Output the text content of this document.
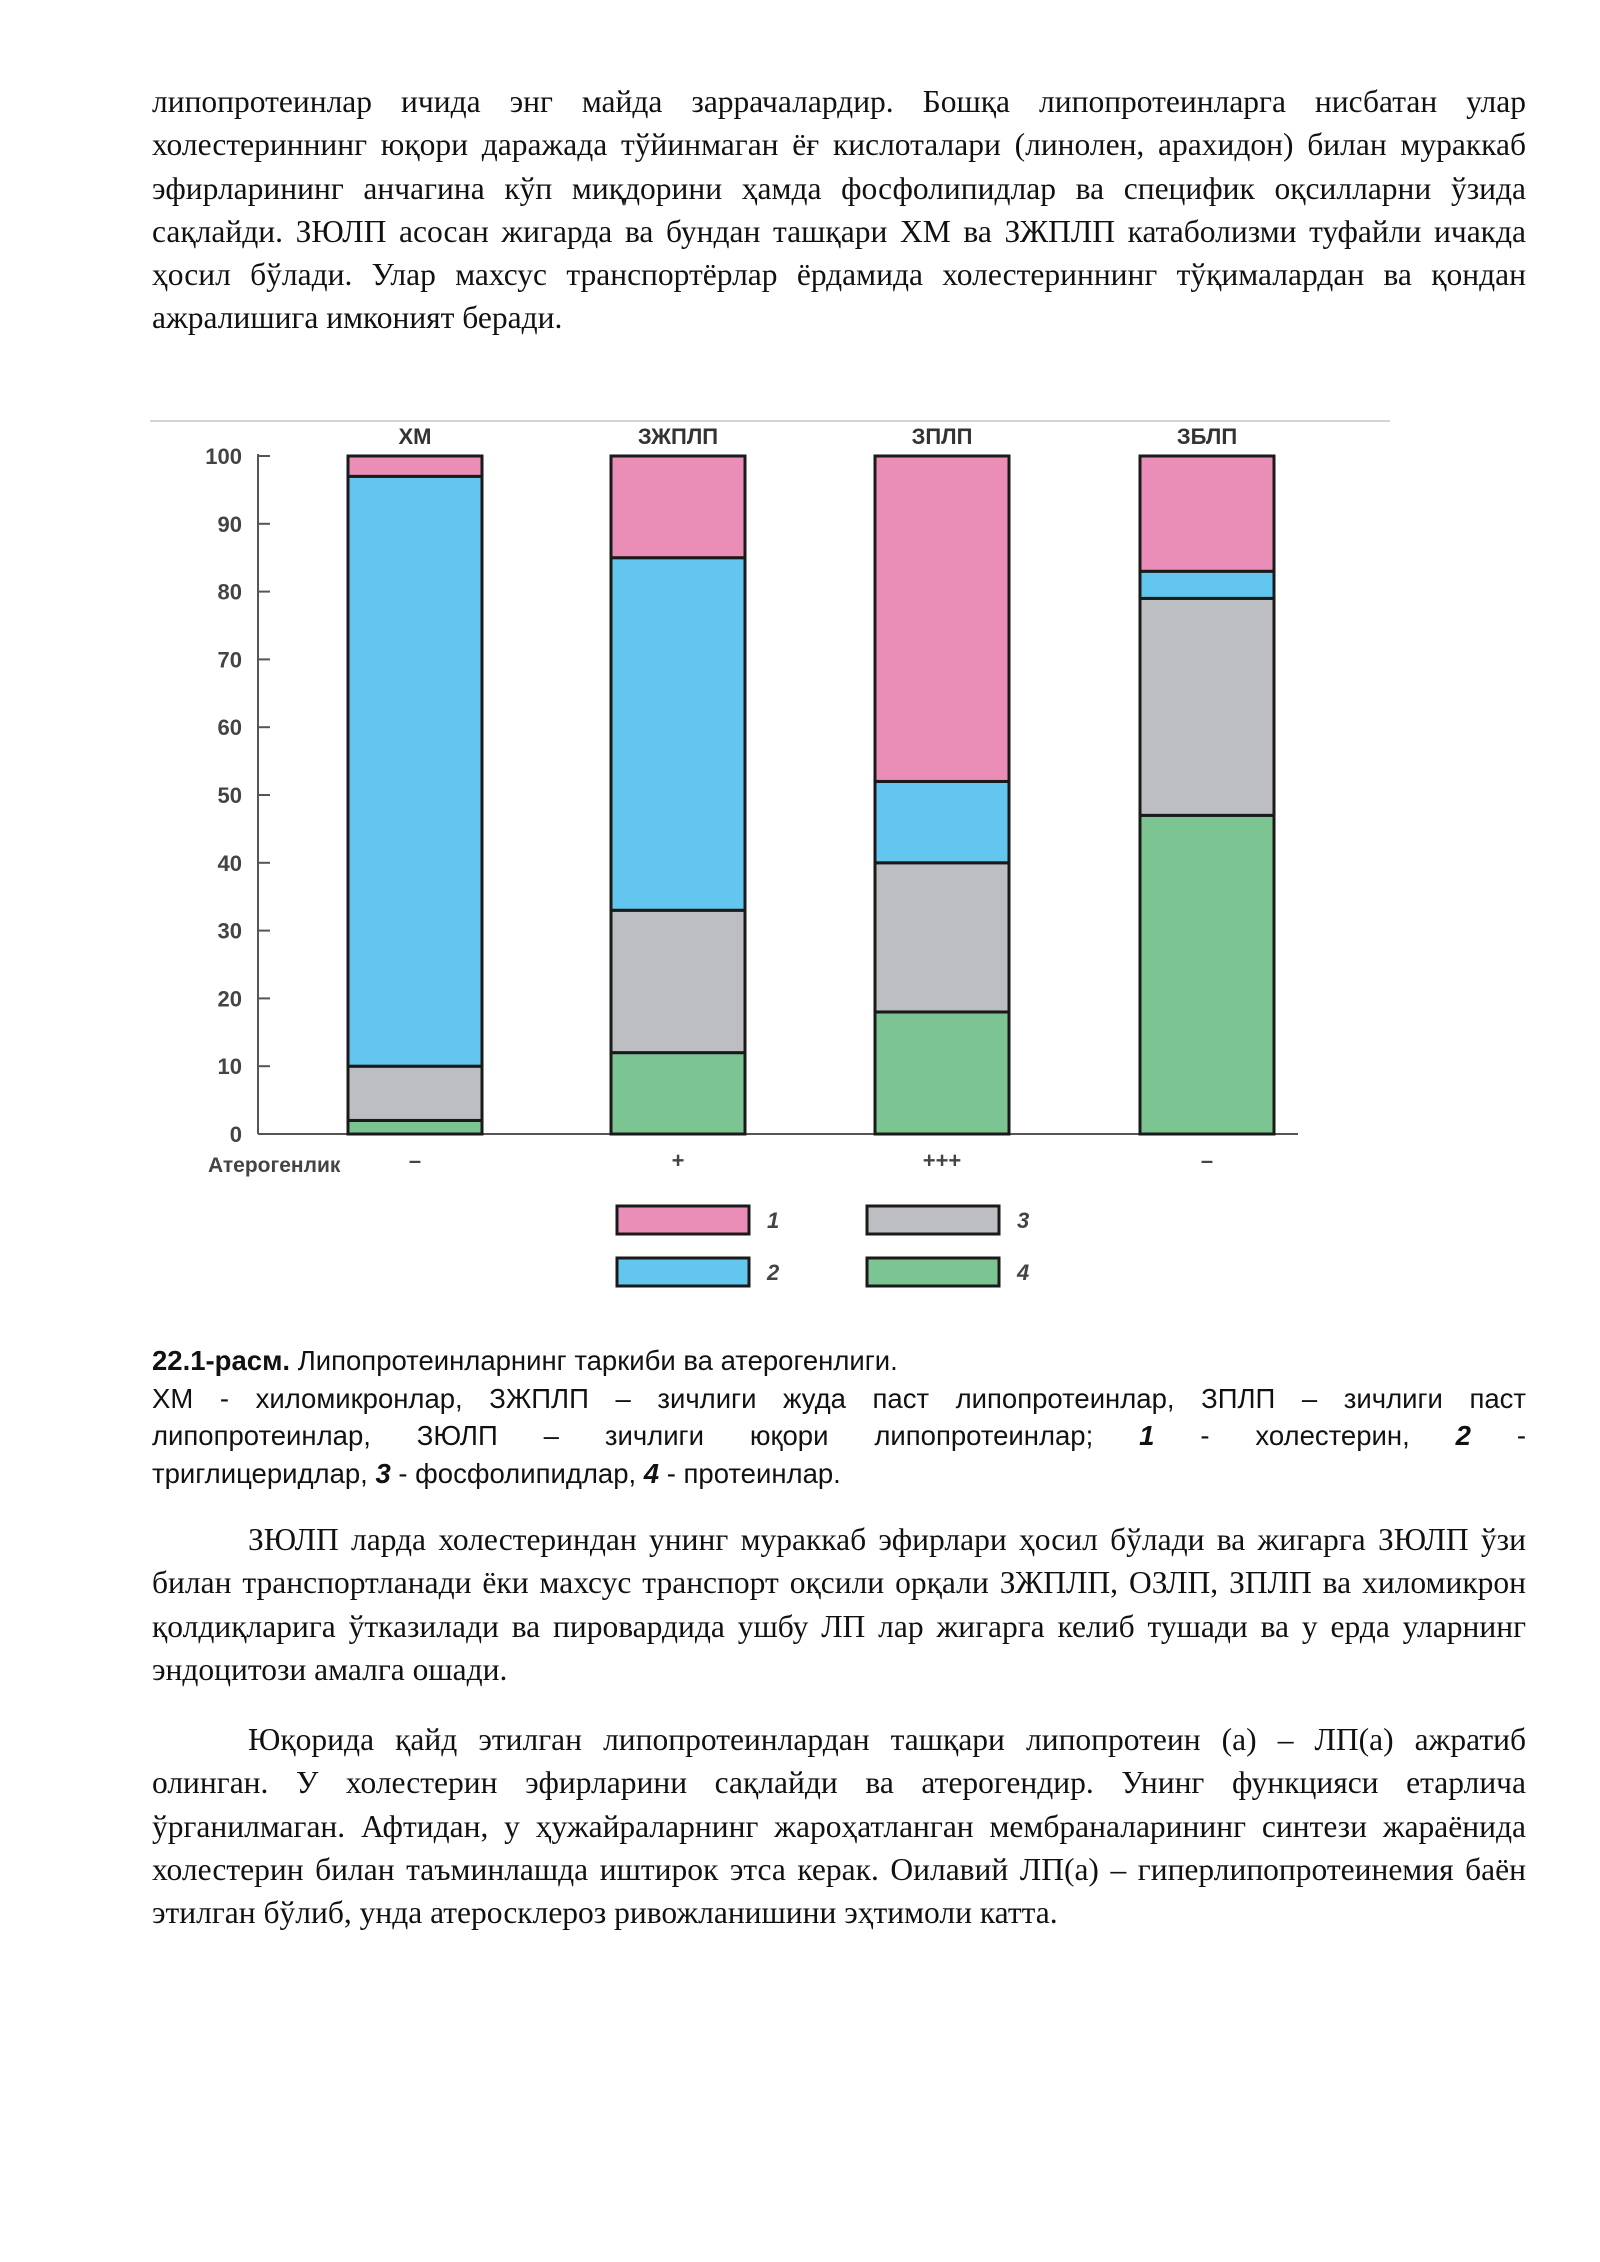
липопротеинлар ичида энг майда заррачалардир. Бошқа липопротеинларга нисбатан улар холестериннинг юқори даражада тўйинмаган ёғ кислоталари (линолен, арахидон) билан мураккаб эфирларининг анчагина кўп миқдорини ҳамда фосфолипидлар ва специфик оқсилларни ўзида сақлайди. ЗЮЛП асосан жигарда ва бундан ташқари ХМ ва ЗЖПЛП катаболизми туфайли ичакда ҳосил бўлади. Улар махсус транспортёрлар ёрдамида холестериннинг тўқималардан ва қондан ажралишига имконият беради.

0
10
20
30
40
50
60
70
80
90
100
ХМ
–
ЗЖПЛП
+
ЗПЛП
+++
ЗБЛП
–
Атерогенлик
1	3
2	4
22.1-расм. Липопротеинларнинг таркиби ва атерогенлиги.
ХМ - хиломикронлар, ЗЖПЛП – зичлиги жуда паст липопротеинлар, ЗПЛП – зичлиги паст
липопротеинлар, ЗЮЛП – зичлиги юқори липопротеинлар; 1 - холестерин, 2 -
триглицеридлар, 3 - фосфолипидлар, 4 - протеинлар.

ЗЮЛП ларда холестериндан унинг мураккаб эфирлари ҳосил бўлади ва жигарга ЗЮЛП ўзи билан транспортланади ёки махсус транспорт оқсили орқали ЗЖПЛП, ОЗЛП, ЗПЛП ва хиломикрон қолдиқларига ўтказилади ва пировардида ушбу ЛП лар жигарга келиб тушади ва у ерда уларнинг эндоцитози амалга ошади.

Юқорида қайд этилган липопротеинлардан ташқари липопротеин (а) – ЛП(а) ажратиб олинган. У холестерин эфирларини сақлайди ва атерогендир. Унинг функцияси етарлича ўрганилмаган. Афтидан, у ҳужайраларнинг жароҳатланган мембраналарининг синтези жараёнида холестерин билан таъминлашда иштирок этса керак. Оилавий ЛП(а) – гиперлипопротеинемия баён этилган бўлиб, унда атеросклероз ривожланишини эҳтимоли катта.
